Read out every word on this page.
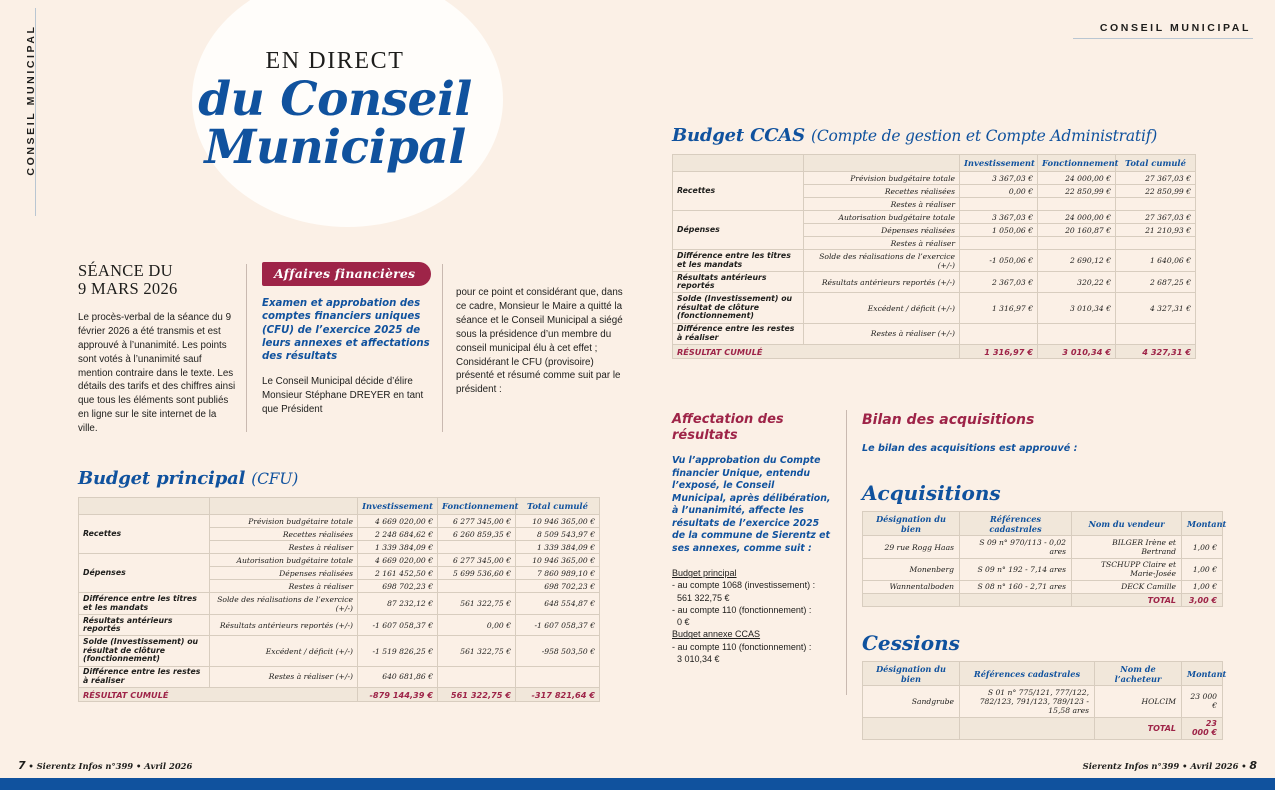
CONSEIL MUNICIPAL	CONSEIL MUNICIPAL
EN DIRECT
du Conseil
Municipal
SÉANCE DU
9 MARS 2026
Le procès-verbal de la séance du 9 février 2026 a été transmis et est approuvé à l’unanimité. Les points sont votés à l’unanimité sauf mention contraire dans le texte. Les détails des tarifs et des chiffres ainsi que tous les éléments sont publiés en ligne sur le site internet de la ville.
Affaires financières
Examen et approbation des comptes financiers uniques (CFU) de l’exercice 2025 de leurs annexes et affectations des résultats
Le Conseil Municipal décide d’élire Monsieur Stéphane DREYER en tant que Président
pour ce point et considérant que, dans ce cadre, Monsieur le Maire a quitté la séance et le Conseil Municipal a siégé sous la présidence d’un membre du conseil municipal élu à cet effet ; Considérant le CFU (provisoire) présenté et résumé comme suit par le président :
Budget principal (CFU)
		Investissement	Fonctionnement	Total cumulé
Recettes	Prévision budgétaire totale	4 669 020,00 €	6 277 345,00 €	10 946 365,00 €
	Recettes réalisées	2 248 684,62 €	6 260 859,35 €	8 509 543,97 €
	Restes à réaliser	1 339 384,09 €		1 339 384,09 €
Dépenses	Autorisation budgétaire totale	4 669 020,00 €	6 277 345,00 €	10 946 365,00 €
	Dépenses réalisées	2 161 452,50 €	5 699 536,60 €	7 860 989,10 €
	Restes à réaliser	698 702,23 €		698 702,23 €
Différence entre les titres et les mandats	Solde des réalisations de l’exercice (+/-)	87 232,12 €	561 322,75 €	648 554,87 €
Résultats antérieurs reportés	Résultats antérieurs reportés (+/-)	-1 607 058,37 €	0,00 €	-1 607 058,37 €
Solde (Investissement) ou résultat de clôture (fonctionnement)	Excédent / déficit (+/-)	-1 519 826,25 €	561 322,75 €	-958 503,50 €
Différence entre les restes à réaliser	Restes à réaliser (+/-)	640 681,86 €		
RÉSULTAT CUMULÉ		-879 144,39 €	561 322,75 €	-317 821,64 €
Budget CCAS (Compte de gestion et Compte Administratif)
		Investissement	Fonctionnement	Total cumulé
Recettes	Prévision budgétaire totale	3 367,03 €	24 000,00 €	27 367,03 €
	Recettes réalisées	0,00 €	22 850,99 €	22 850,99 €
	Restes à réaliser			
Dépenses	Autorisation budgétaire totale	3 367,03 €	24 000,00 €	27 367,03 €
	Dépenses réalisées	1 050,06 €	20 160,87 €	21 210,93 €
	Restes à réaliser			
Différence entre les titres et les mandats	Solde des réalisations de l’exercice (+/-)	-1 050,06 €	2 690,12 €	1 640,06 €
Résultats antérieurs reportés	Résultats antérieurs reportés (+/-)	2 367,03 €	320,22 €	2 687,25 €
Solde (Investissement) ou résultat de clôture (fonctionnement)	Excédent / déficit (+/-)	1 316,97 €	3 010,34 €	4 327,31 €
Différence entre les restes à réaliser	Restes à réaliser (+/-)			
RÉSULTAT CUMULÉ		1 316,97 €	3 010,34 €	4 327,31 €
Affectation des
résultats
Vu l’approbation du Compte financier Unique, entendu l’exposé, le Conseil Municipal, après délibération, à l’unanimité, affecte les résultats de l’exercice 2025 de la commune de Sierentz et ses annexes, comme suit :
Budget principal
- au compte 1068 (investissement) :
561 322,75 €
- au compte 110 (fonctionnement) :
0 €
Budget annexe CCAS
- au compte 110 (fonctionnement) :
3 010,34 €
Bilan des acquisitions
Le bilan des acquisitions est approuvé :
Acquisitions
Désignation du bien	Références cadastrales	Nom du vendeur	Montant
29 rue Rogg Haas	S 09 n° 970/113 - 0,02 ares	BILGER Irène et Bertrand	1,00 €
Monenberg	S 09 n° 192 - 7,14 ares	TSCHUPP Claire et Marie-Josée	1,00 €
Wannentalboden	S 08 n° 160 - 2,71 ares	DECK Camille	1,00 €
		TOTAL	3,00 €
Cessions
Désignation du bien	Références cadastrales	Nom de l’acheteur	Montant
Sandgrube	S 01 n° 775/121, 777/122, 782/123, 791/123, 789/123 - 15,58 ares	HOLCIM	23 000 €
		TOTAL	23 000 €
7 • Sierentz Infos n°399 • Avril 2026	Sierentz Infos n°399 • Avril 2026 • 8
